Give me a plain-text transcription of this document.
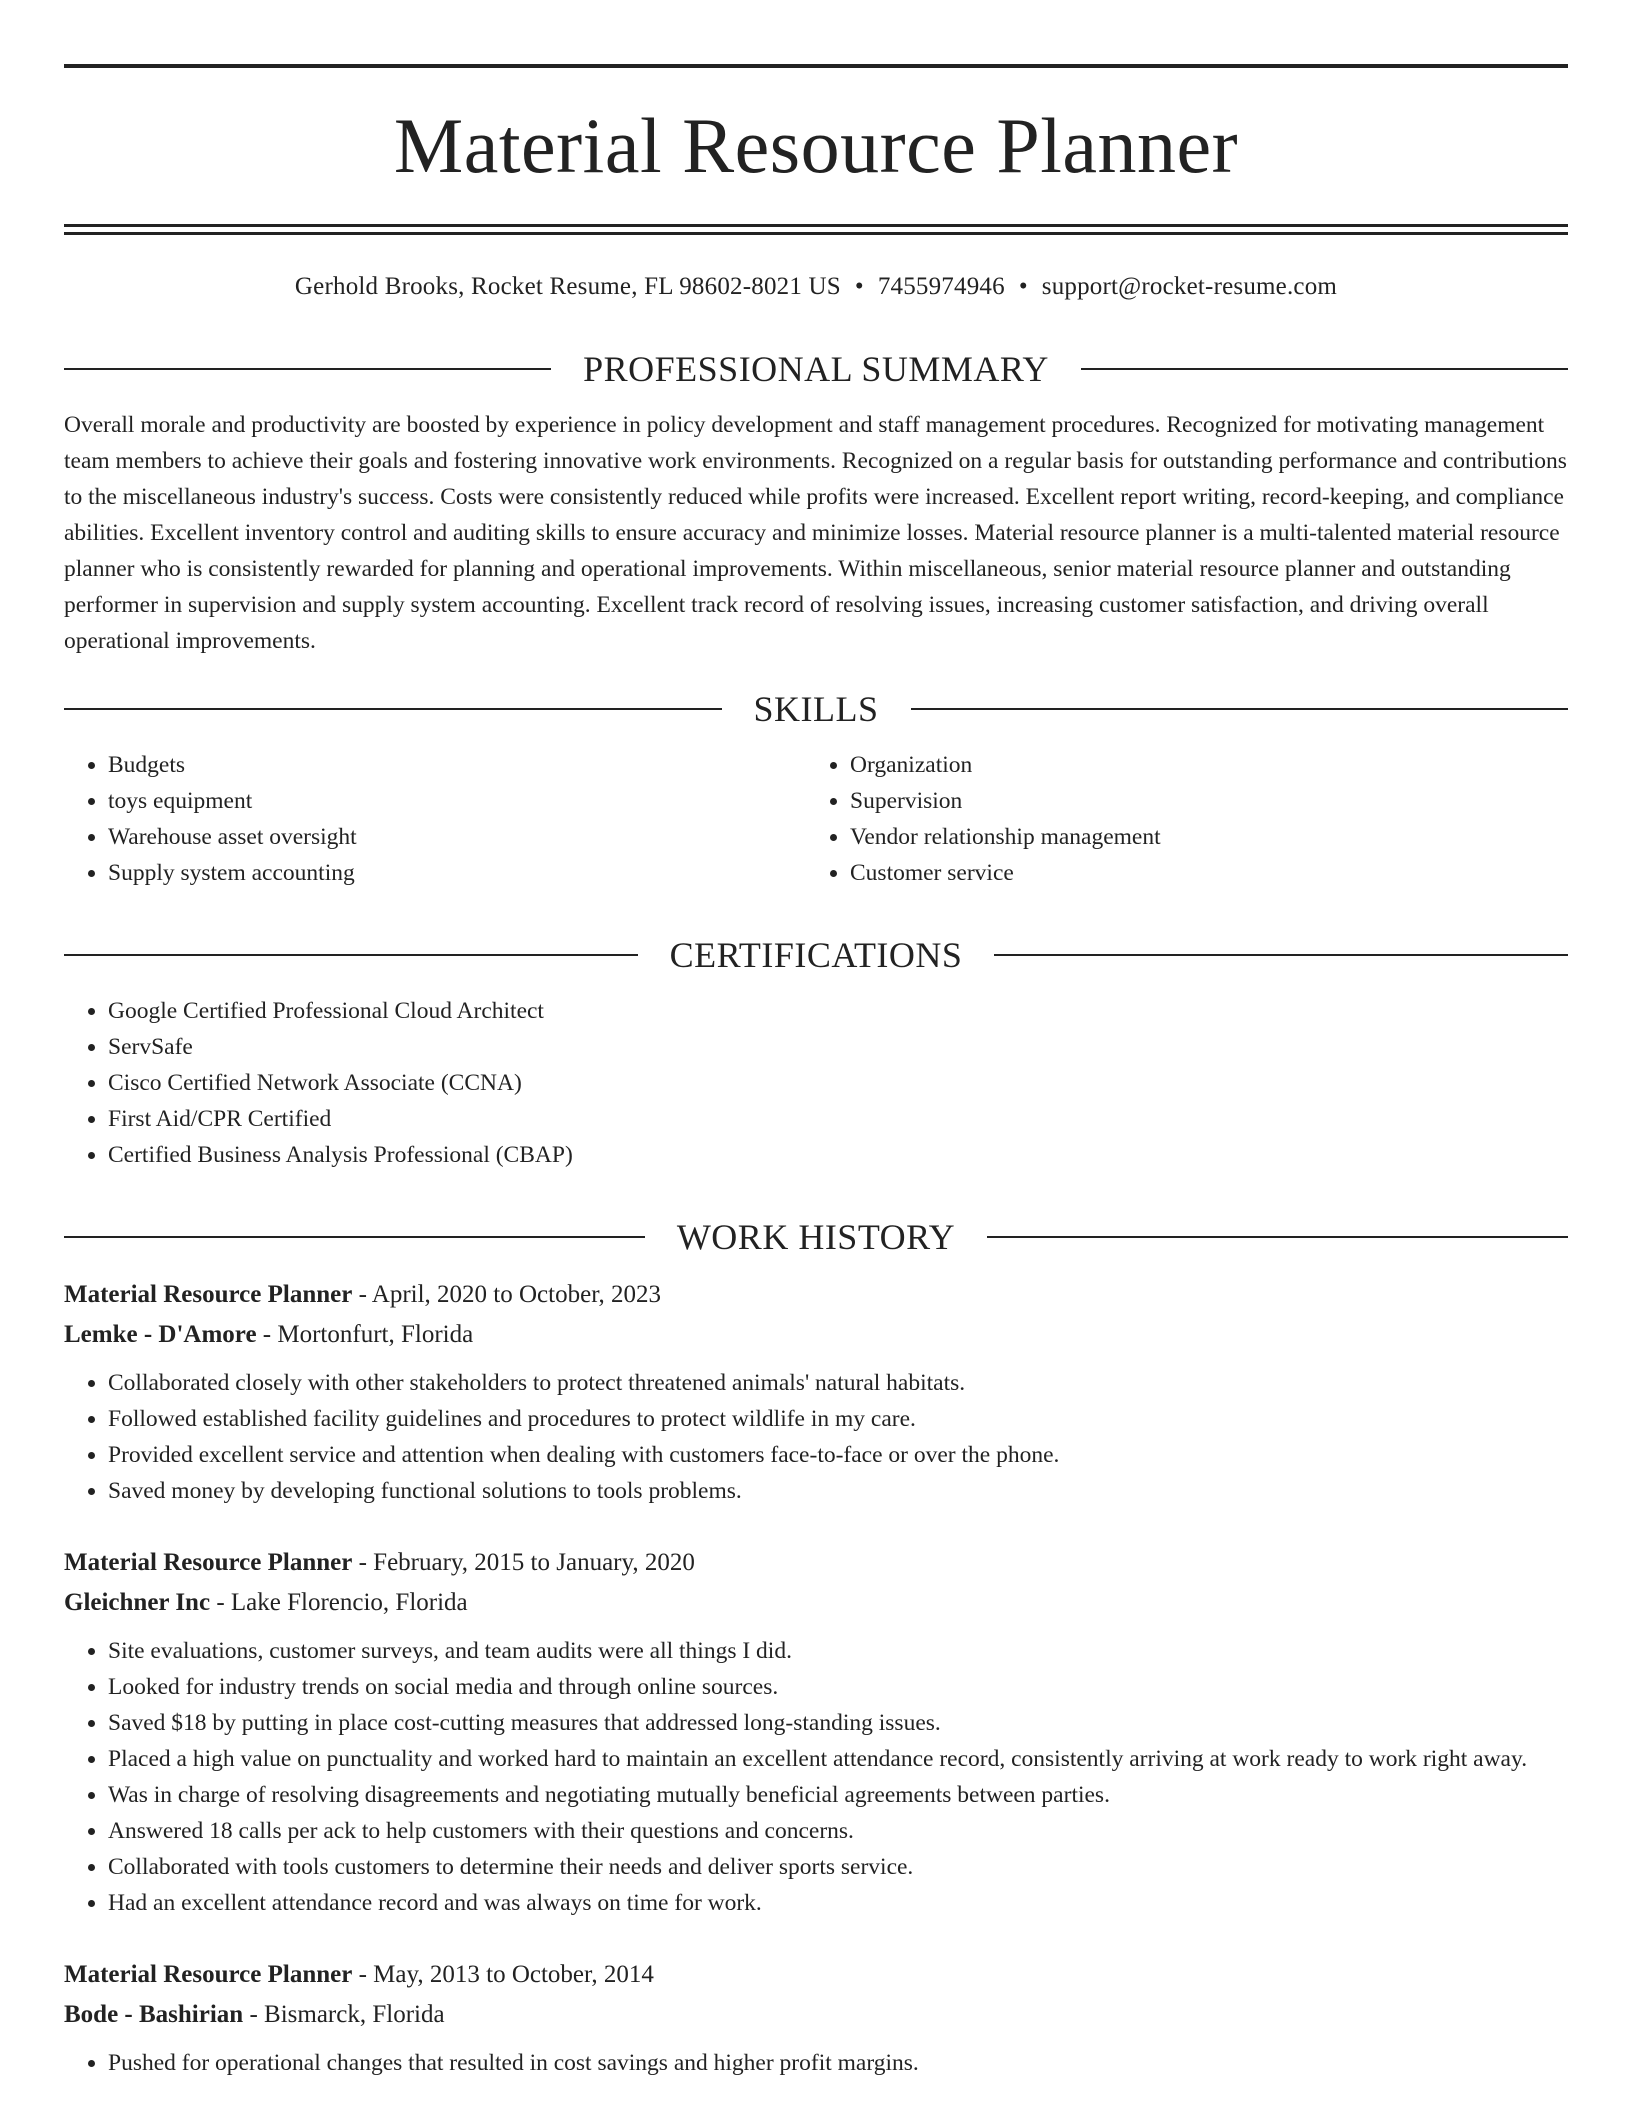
Material Resource Planner
Gerhold Brooks, Rocket Resume, FL 98602-8021 US • 7455974946 • support@rocket-resume.com
PROFESSIONAL SUMMARY
Overall morale and productivity are boosted by experience in policy development and staff management procedures. Recognized for motivating management team members to achieve their goals and fostering innovative work environments. Recognized on a regular basis for outstanding performance and contributions to the miscellaneous industry's success. Costs were consistently reduced while profits were increased. Excellent report writing, record-keeping, and compliance abilities. Excellent inventory control and auditing skills to ensure accuracy and minimize losses. Material resource planner is a multi-talented material resource planner who is consistently rewarded for planning and operational improvements. Within miscellaneous, senior material resource planner and outstanding performer in supervision and supply system accounting. Excellent track record of resolving issues, increasing customer satisfaction, and driving overall operational improvements.
SKILLS
• Budgets
• toys equipment
• Warehouse asset oversight
• Supply system accounting
• Organization
• Supervision
• Vendor relationship management
• Customer service
CERTIFICATIONS
• Google Certified Professional Cloud Architect
• ServSafe
• Cisco Certified Network Associate (CCNA)
• First Aid/CPR Certified
• Certified Business Analysis Professional (CBAP)
WORK HISTORY
Material Resource Planner - April, 2020 to October, 2023
Lemke - D'Amore - Mortonfurt, Florida
• Collaborated closely with other stakeholders to protect threatened animals' natural habitats.
• Followed established facility guidelines and procedures to protect wildlife in my care.
• Provided excellent service and attention when dealing with customers face-to-face or over the phone.
• Saved money by developing functional solutions to tools problems.
Material Resource Planner - February, 2015 to January, 2020
Gleichner Inc - Lake Florencio, Florida
• Site evaluations, customer surveys, and team audits were all things I did.
• Looked for industry trends on social media and through online sources.
• Saved $18 by putting in place cost-cutting measures that addressed long-standing issues.
• Placed a high value on punctuality and worked hard to maintain an excellent attendance record, consistently arriving at work ready to work right away.
• Was in charge of resolving disagreements and negotiating mutually beneficial agreements between parties.
• Answered 18 calls per ack to help customers with their questions and concerns.
• Collaborated with tools customers to determine their needs and deliver sports service.
• Had an excellent attendance record and was always on time for work.
Material Resource Planner - May, 2013 to October, 2014
Bode - Bashirian - Bismarck, Florida
• Pushed for operational changes that resulted in cost savings and higher profit margins.
